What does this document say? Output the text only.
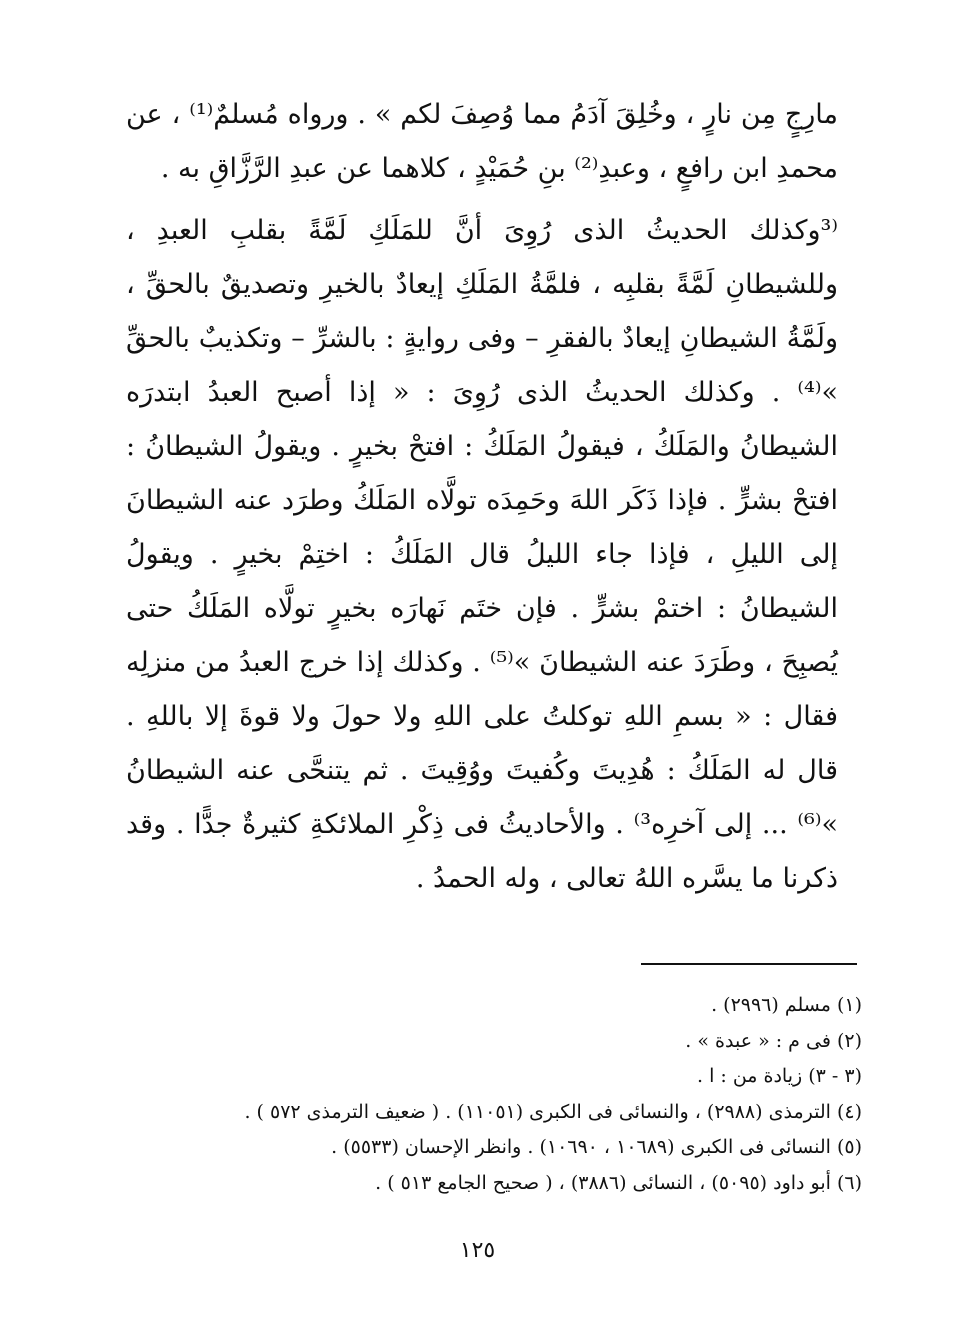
مارِجٍ مِن نارٍ ، وخُلِقَ آدَمُ مما وُصِفَ لكم » . ورواه مُسلمٌ⁽¹⁾ ، عن محمدِ ابن رافعٍ ، وعبدِ⁽²⁾ بنِ حُمَيْدٍ ، كلاهما عن عبدِ الرَّزَّاقِ به .

⁽³وكذلك الحديثُ الذى رُوِىَ أنَّ للمَلَكِ لَمَّةً بقلبِ العبدِ ، وللشيطانِ لَمَّةً بقلبِه ، فلمَّةُ المَلَكِ إيعادٌ بالخيرِ وتصديقٌ بالحقِّ ، ولَمَّةُ الشيطانِ إيعادٌ بالفقرِ – وفى روايةٍ : بالشرِّ – وتكذيبٌ بالحقِّ »⁽⁴⁾ . وكذلك الحديثُ الذى رُوِىَ : « إذا أصبح العبدُ ابتدرَه الشيطانُ والمَلَكُ ، فيقولُ المَلَكُ : افتحْ بخيرٍ . ويقولُ الشيطانُ : افتحْ بشرٍّ . فإذا ذَكَر اللهَ وحَمِدَه تولَّاه المَلَكُ وطرَد عنه الشيطانَ إلى الليلِ ، فإذا جاء الليلُ قال المَلَكُ : اختِمْ بخيرٍ . ويقولُ الشيطانُ : اختمْ بشرٍّ . فإن ختَم نَهارَه بخيرٍ تولَّاه المَلَكُ حتى يُصبِحَ ، وطَرَدَ عنه الشيطانَ »⁽⁵⁾ . وكذلك إذا خرج العبدُ من منزلِه فقال : « بسمِ اللهِ توكلتُ على اللهِ ولا حولَ ولا قوةَ إلا باللهِ . قال له المَلَكُ : هُدِيتَ وكُفيتَ ووُقِيتَ . ثم يتنحَّى عنه الشيطانُ »⁽⁶⁾ ... إلى آخرِه³⁾ . والأحاديثُ فى ذِكْرِ الملائكةِ كثيرةٌ جدًّا . وقد ذكرنا ما يسَّره اللهُ تعالى ، وله الحمدُ .

(١) مسلم (٢٩٩٦) .
(٢) فى م : « عبدة » .
(٣ - ٣) زيادة من : ا .
(٤) الترمذى (٢٩٨٨) ، والنسائى فى الكبرى (١١٠٥١) . ( ضعيف الترمذى ٥٧٢ ) .
(٥) النسائى فى الكبرى (١٠٦٨٩ ، ١٠٦٩٠) . وانظر الإحسان (٥٥٣٣) .
(٦) أبو داود (٥٠٩٥) ، النسائى (٣٨٨٦) ، ( صحيح الجامع ٥١٣ ) .
١٢٥
